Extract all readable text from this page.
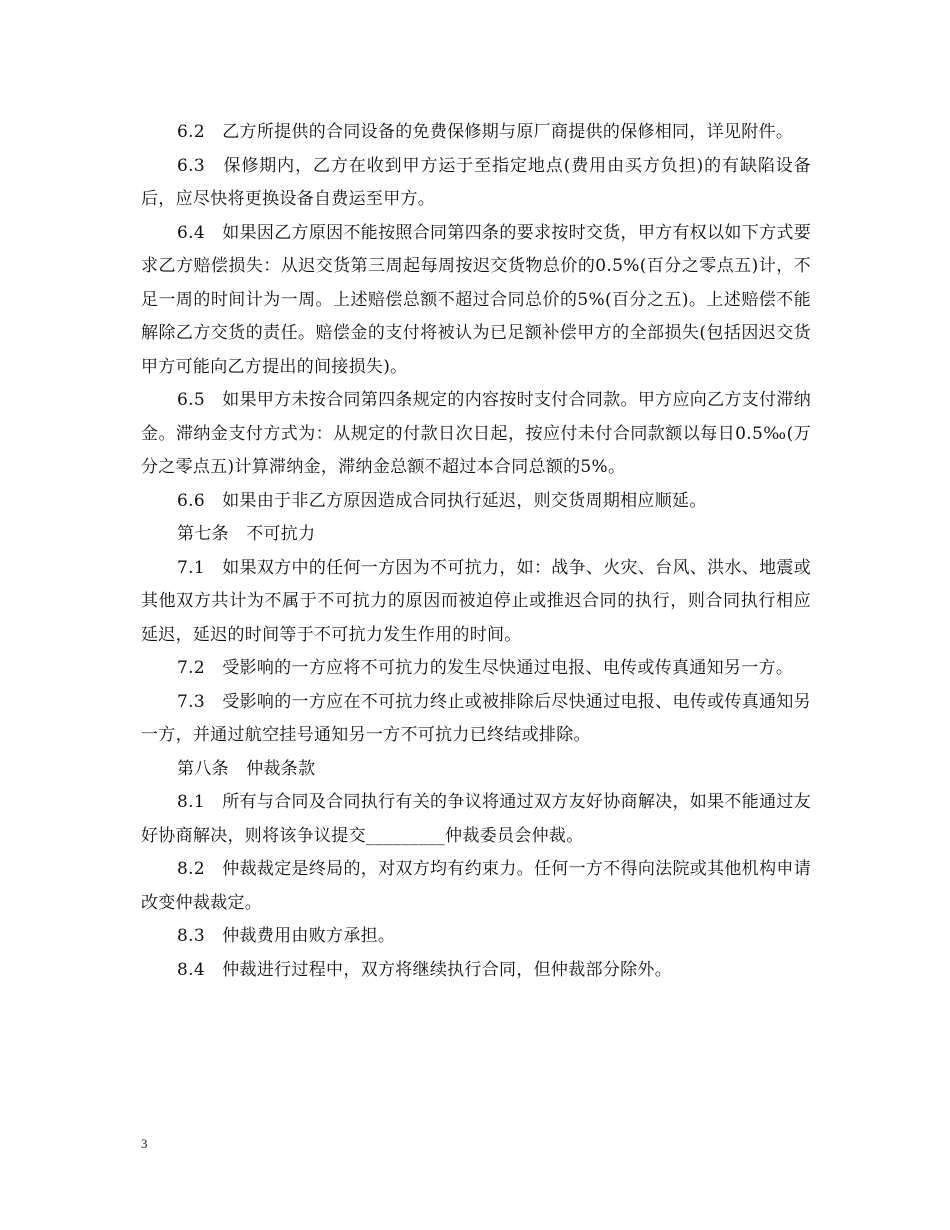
6.2　乙方所提供的合同设备的免费保修期与原厂商提供的保修相同，详见附件。

6.3　保修期内，乙方在收到甲方运于至指定地点(费用由买方负担)的有缺陷设备后，应尽快将更换设备自费运至甲方。

6.4　如果因乙方原因不能按照合同第四条的要求按时交货，甲方有权以如下方式要求乙方赔偿损失：从迟交货第三周起每周按迟交货物总价的0.5%(百分之零点五)计，不足一周的时间计为一周。上述赔偿总额不超过合同总价的5%(百分之五)。上述赔偿不能解除乙方交货的责任。赔偿金的支付将被认为已足额补偿甲方的全部损失(包括因迟交货甲方可能向乙方提出的间接损失)。

6.5　如果甲方未按合同第四条规定的内容按时支付合同款。甲方应向乙方支付滞纳金。滞纳金支付方式为：从规定的付款日次日起，按应付未付合同款额以每日0.5‰(万分之零点五)计算滞纳金，滞纳金总额不超过本合同总额的5%。

6.6　如果由于非乙方原因造成合同执行延迟，则交货周期相应顺延。

第七条　不可抗力

7.1　如果双方中的任何一方因为不可抗力，如：战争、火灾、台风、洪水、地震或其他双方共计为不属于不可抗力的原因而被迫停止或推迟合同的执行，则合同执行相应延迟，延迟的时间等于不可抗力发生作用的时间。

7.2　受影响的一方应将不可抗力的发生尽快通过电报、电传或传真通知另一方。

7.3　受影响的一方应在不可抗力终止或被排除后尽快通过电报、电传或传真通知另一方，并通过航空挂号通知另一方不可抗力已终结或排除。

第八条　仲裁条款

8.1　所有与合同及合同执行有关的争议将通过双方友好协商解决，如果不能通过友好协商解决，则将该争议提交_________仲裁委员会仲裁。

8.2　仲裁裁定是终局的，对双方均有约束力。任何一方不得向法院或其他机构申请改变仲裁裁定。

8.3　仲裁费用由败方承担。

8.4　仲裁进行过程中，双方将继续执行合同，但仲裁部分除外。

3
